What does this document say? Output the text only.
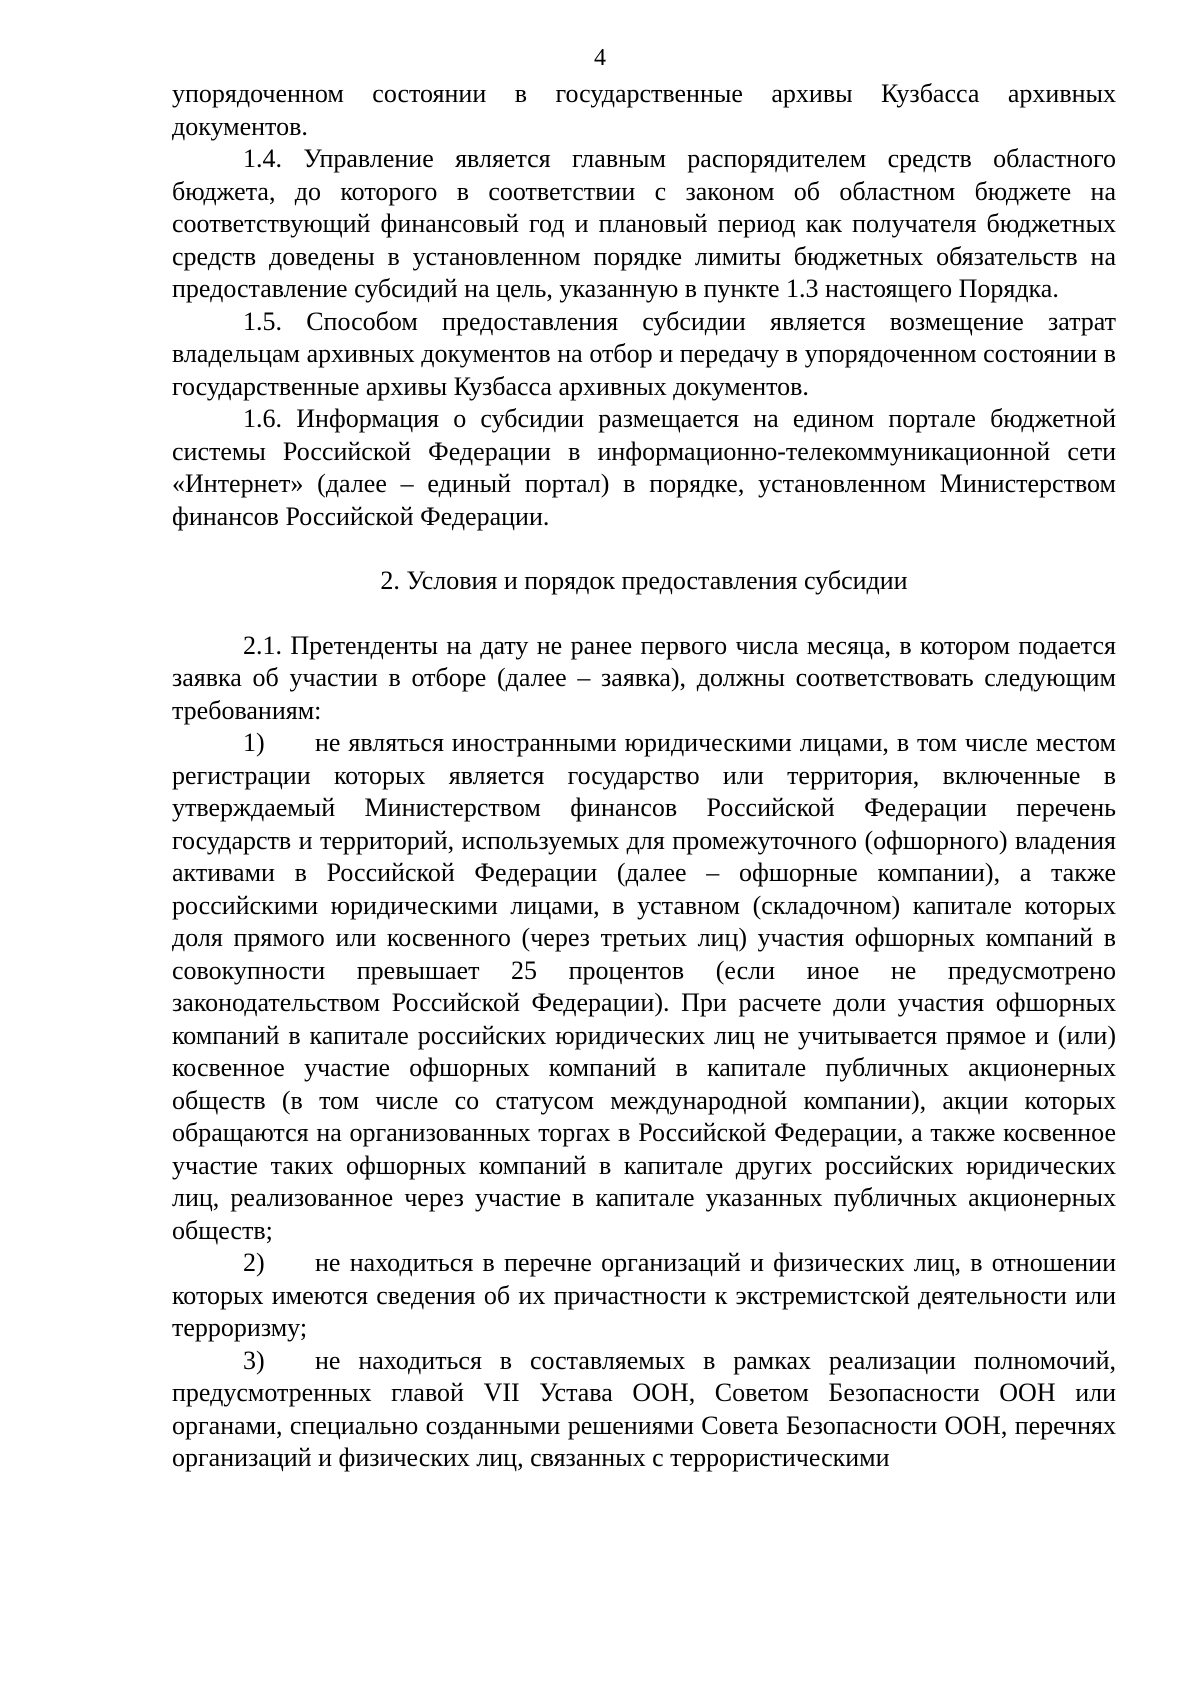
4

упорядоченном состоянии в государственные архивы Кузбасса архивных документов.

1.4. Управление является главным распорядителем средств областного бюджета, до которого в соответствии с законом об областном бюджете на соответствующий финансовый год и плановый период как получателя бюджетных средств доведены в установленном порядке лимиты бюджетных обязательств на предоставление субсидий на цель, указанную в пункте 1.3 настоящего Порядка.

1.5. Способом предоставления субсидии является возмещение затрат владельцам архивных документов на отбор и передачу в упорядоченном состоянии в государственные архивы Кузбасса архивных документов.

1.6. Информация о субсидии размещается на едином портале бюджетной системы Российской Федерации в информационно-телекоммуникационной сети «Интернет» (далее – единый портал) в порядке, установленном Министерством финансов Российской Федерации.

2. Условия и порядок предоставления субсидии

2.1. Претенденты на дату не ранее первого числа месяца, в котором подается заявка об участии в отборе (далее – заявка), должны соответствовать следующим требованиям:

1) не являться иностранными юридическими лицами, в том числе местом регистрации которых является государство или территория, включенные в утверждаемый Министерством финансов Российской Федерации перечень государств и территорий, используемых для промежуточного (офшорного) владения активами в Российской Федерации (далее – офшорные компании), а также российскими юридическими лицами, в уставном (складочном) капитале которых доля прямого или косвенного (через третьих лиц) участия офшорных компаний в совокупности превышает 25 процентов (если иное не предусмотрено законодательством Российской Федерации). При расчете доли участия офшорных компаний в капитале российских юридических лиц не учитывается прямое и (или) косвенное участие офшорных компаний в капитале публичных акционерных обществ (в том числе со статусом международной компании), акции которых обращаются на организованных торгах в Российской Федерации, а также косвенное участие таких офшорных компаний в капитале других российских юридических лиц, реализованное через участие в капитале указанных публичных акционерных обществ;

2) не находиться в перечне организаций и физических лиц, в отношении которых имеются сведения об их причастности к экстремистской деятельности или терроризму;

3) не находиться в составляемых в рамках реализации полномочий, предусмотренных главой VII Устава ООН, Советом Безопасности ООН или органами, специально созданными решениями Совета Безопасности ООН, перечнях организаций и физических лиц, связанных с террористическими
